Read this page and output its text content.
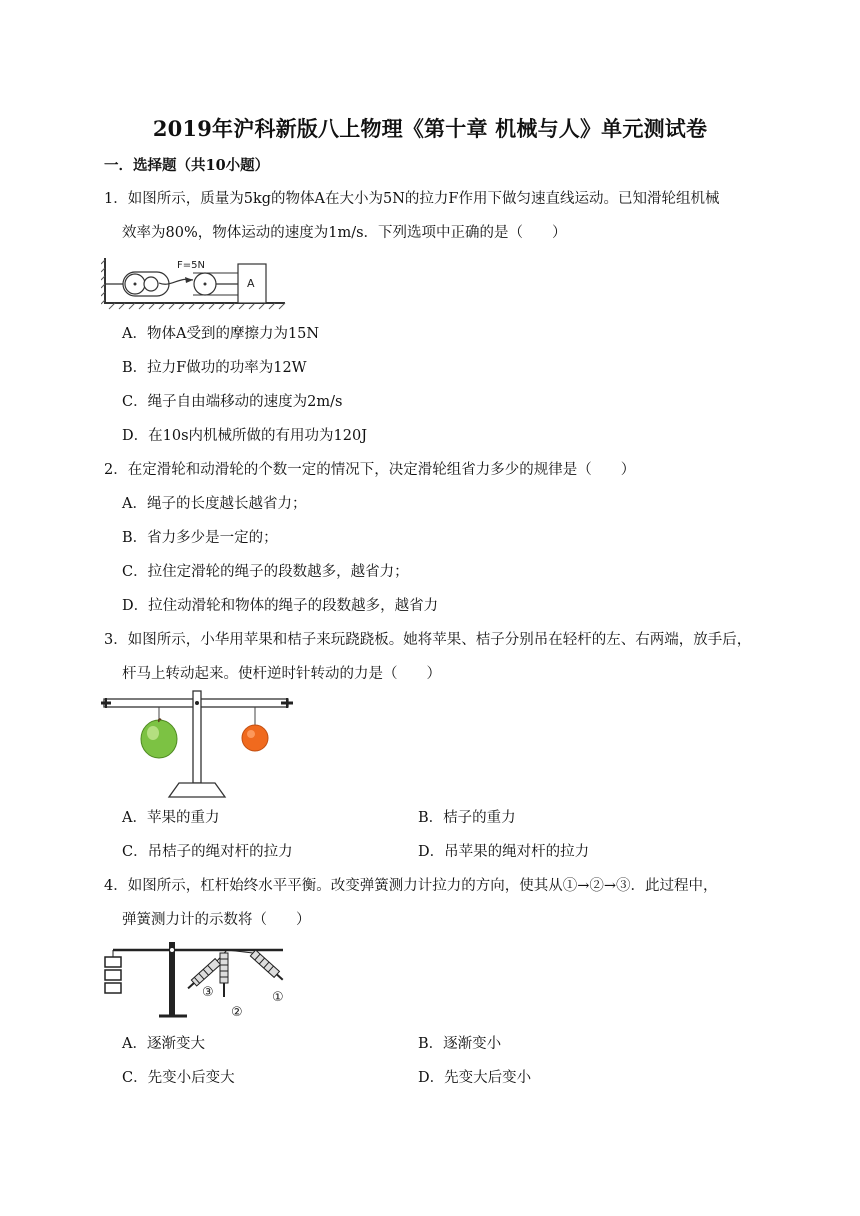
2019年沪科新版八上物理《第十章 机械与人》单元测试卷
一．选择题（共10小题）
1．如图所示，质量为5kg的物体A在大小为5N的拉力F作用下做匀速直线运动。已知滑轮组机械
效率为80%，物体运动的速度为1m/s．下列选项中正确的是（　　）
F=5N
A
A．物体A受到的摩擦力为15N
B．拉力F做功的功率为12W
C．绳子自由端移动的速度为2m/s
D．在10s内机械所做的有用功为120J
2．在定滑轮和动滑轮的个数一定的情况下，决定滑轮组省力多少的规律是（　　）
A．绳子的长度越长越省力；
B．省力多少是一定的；
C．拉住定滑轮的绳子的段数越多，越省力；
D．拉住动滑轮和物体的绳子的段数越多，越省力
3．如图所示，小华用苹果和桔子来玩跷跷板。她将苹果、桔子分别吊在轻杆的左、右两端，放手后，
杆马上转动起来。使杆逆时针转动的力是（　　）
A．苹果的重力	B．桔子的重力
C．吊桔子的绳对杆的拉力	D．吊苹果的绳对杆的拉力
4．如图所示，杠杆始终水平平衡。改变弹簧测力计拉力的方向，使其从①→②→③．此过程中，
弹簧测力计的示数将（　　）
③
②
①
A．逐渐变大	B．逐渐变小
C．先变小后变大	D．先变大后变小
